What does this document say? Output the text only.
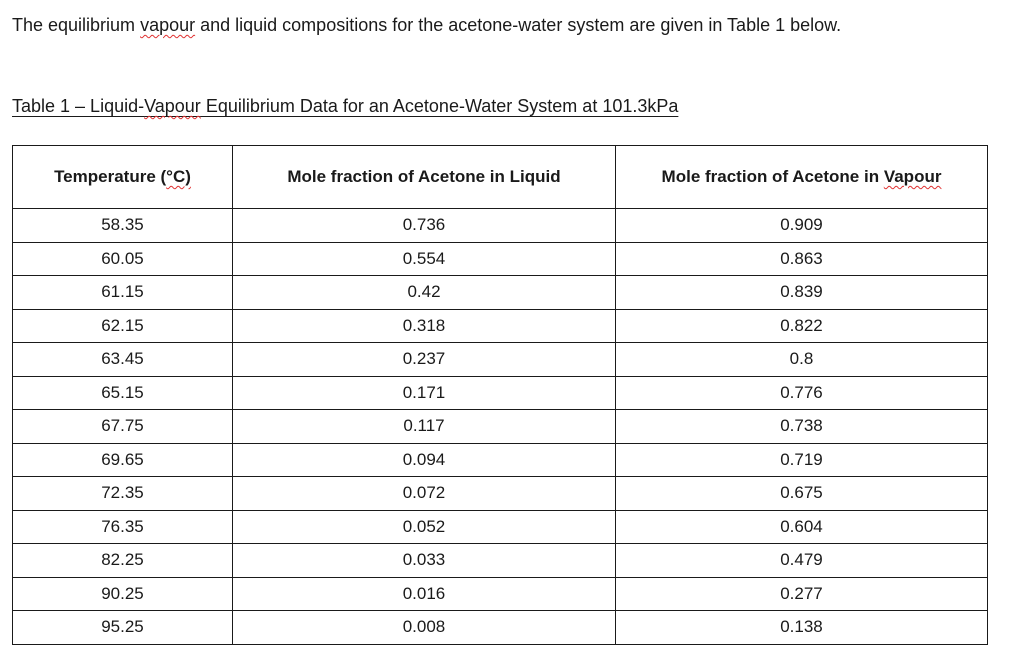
The equilibrium vapour and liquid compositions for the acetone-water system are given in Table 1 below.
Table 1 – Liquid-Vapour Equilibrium Data for an Acetone-Water System at 101.3kPa
Temperature (°C)	Mole fraction of Acetone in Liquid	Mole fraction of Acetone in Vapour
58.35	0.736	0.909
60.05	0.554	0.863
61.15	0.42	0.839
62.15	0.318	0.822
63.45	0.237	0.8
65.15	0.171	0.776
67.75	0.117	0.738
69.65	0.094	0.719
72.35	0.072	0.675
76.35	0.052	0.604
82.25	0.033	0.479
90.25	0.016	0.277
95.25	0.008	0.138
